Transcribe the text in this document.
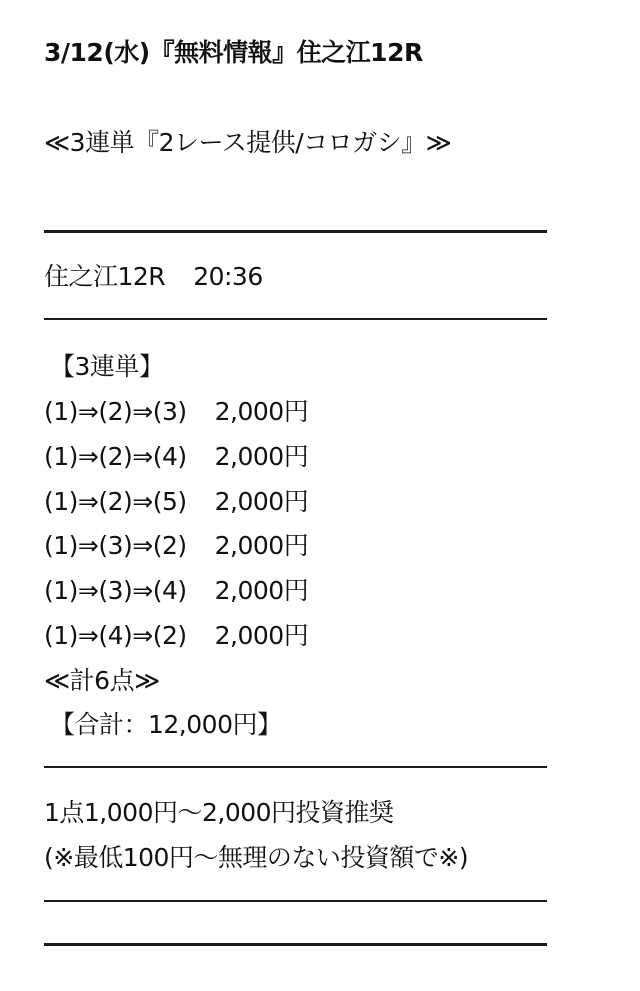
3/12(水)『無料情報』住之江12R
≪3連単『2レース提供/コロガシ』≫
住之江12R 20:36
【3連単】
(1)⇒(2)⇒(3) 2,000円
(1)⇒(2)⇒(4) 2,000円
(1)⇒(2)⇒(5) 2,000円
(1)⇒(3)⇒(2) 2,000円
(1)⇒(3)⇒(4) 2,000円
(1)⇒(4)⇒(2) 2,000円
≪計6点≫
【合計：12,000円】
1点1,000円〜2,000円投資推奨
(※最低100円〜無理のない投資額で※)
